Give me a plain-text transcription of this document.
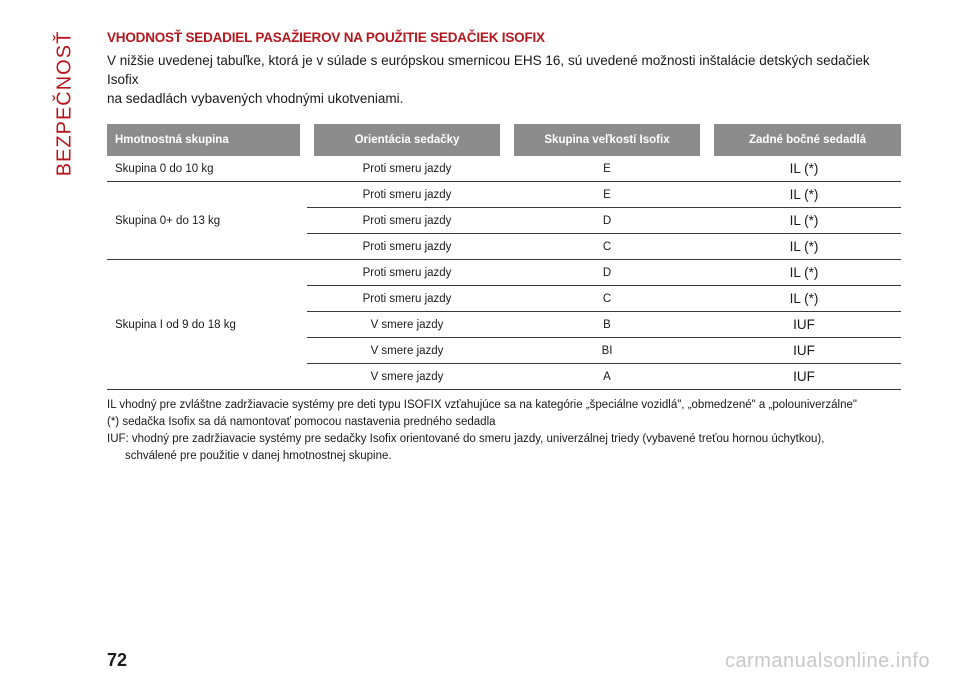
BEZPEČNOSŤ VHODNOSŤ SEDADIEL PASAŽIEROV NA POUŽITIE SEDAČIEK ISOFIX

V nižšie uvedenej tabuľke, ktorá je v súlade s európskou smernicou EHS 16, sú uvedené možnosti inštalácie detských sedačiek Isofix
na sedadlách vybavených vhodnými ukotveniami.

Hmotnostná skupina	Orientácia sedačky	Skupina veľkostí Isofix	Zadné bočné sedadlá
Skupina 0 do 10 kg	Proti smeru jazdy	E	IL (*)
Skupina 0+ do 13 kg	Proti smeru jazdy	E	IL (*)
	Proti smeru jazdy	D	IL (*)
	Proti smeru jazdy	C	IL (*)
Skupina I od 9 do 18 kg	Proti smeru jazdy	D	IL (*)
	Proti smeru jazdy	C	IL (*)
	V smere jazdy	B	IUF
	V smere jazdy	BI	IUF
	V smere jazdy	A	IUF

IL vhodný pre zvláštne zadržiavacie systémy pre deti typu ISOFIX vzťahujúce sa na kategórie „špeciálne vozidlá", „obmedzené" a „polouniverzálne"

(*) sedačka Isofix sa dá namontovať pomocou nastavenia predného sedadla

IUF: vhodný pre zadržiavacie systémy pre sedačky Isofix orientované do smeru jazdy, univerzálnej triedy (vybavené treťou hornou úchytkou),

schválené pre použitie v danej hmotnostnej skupine.

72	carmanualsonline.info
